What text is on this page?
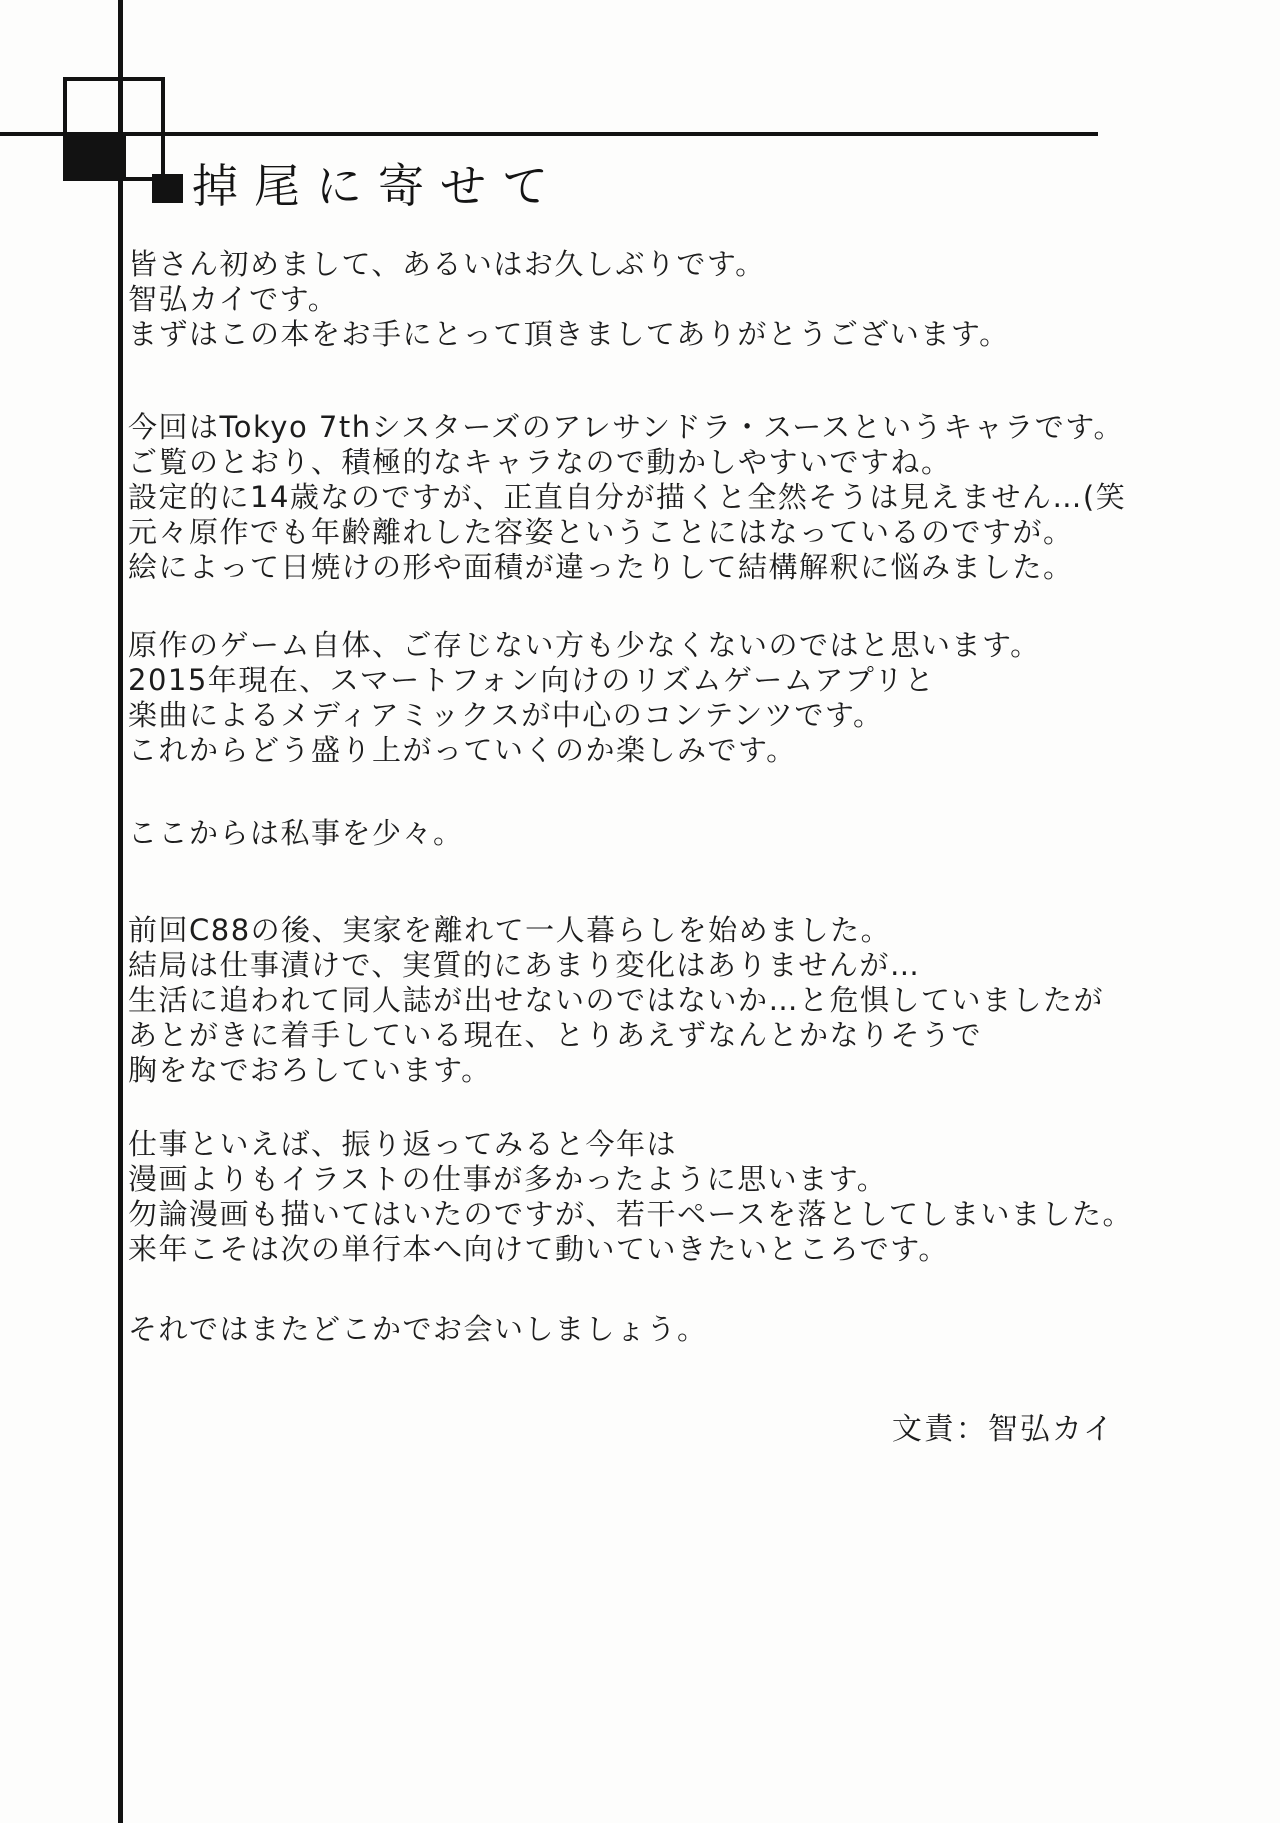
掉尾に寄せて
皆さん初めまして、あるいはお久しぶりです。
智弘カイです。
まずはこの本をお手にとって頂きましてありがとうございます。
今回はTokyo 7thシスターズのアレサンドラ・スースというキャラです。
ご覧のとおり、積極的なキャラなので動かしやすいですね。
設定的に14歳なのですが、正直自分が描くと全然そうは見えません…(笑
元々原作でも年齢離れした容姿ということにはなっているのですが。
絵によって日焼けの形や面積が違ったりして結構解釈に悩みました。
原作のゲーム自体、ご存じない方も少なくないのではと思います。
2015年現在、スマートフォン向けのリズムゲームアプリと
楽曲によるメディアミックスが中心のコンテンツです。
これからどう盛り上がっていくのか楽しみです。
ここからは私事を少々。
前回C88の後、実家を離れて一人暮らしを始めました。
結局は仕事漬けで、実質的にあまり変化はありませんが…
生活に追われて同人誌が出せないのではないか…と危惧していましたが
あとがきに着手している現在、とりあえずなんとかなりそうで
胸をなでおろしています。
仕事といえば、振り返ってみると今年は
漫画よりもイラストの仕事が多かったように思います。
勿論漫画も描いてはいたのですが、若干ペースを落としてしまいました。
来年こそは次の単行本へ向けて動いていきたいところです。
それではまたどこかでお会いしましょう。
文責：智弘カイ
